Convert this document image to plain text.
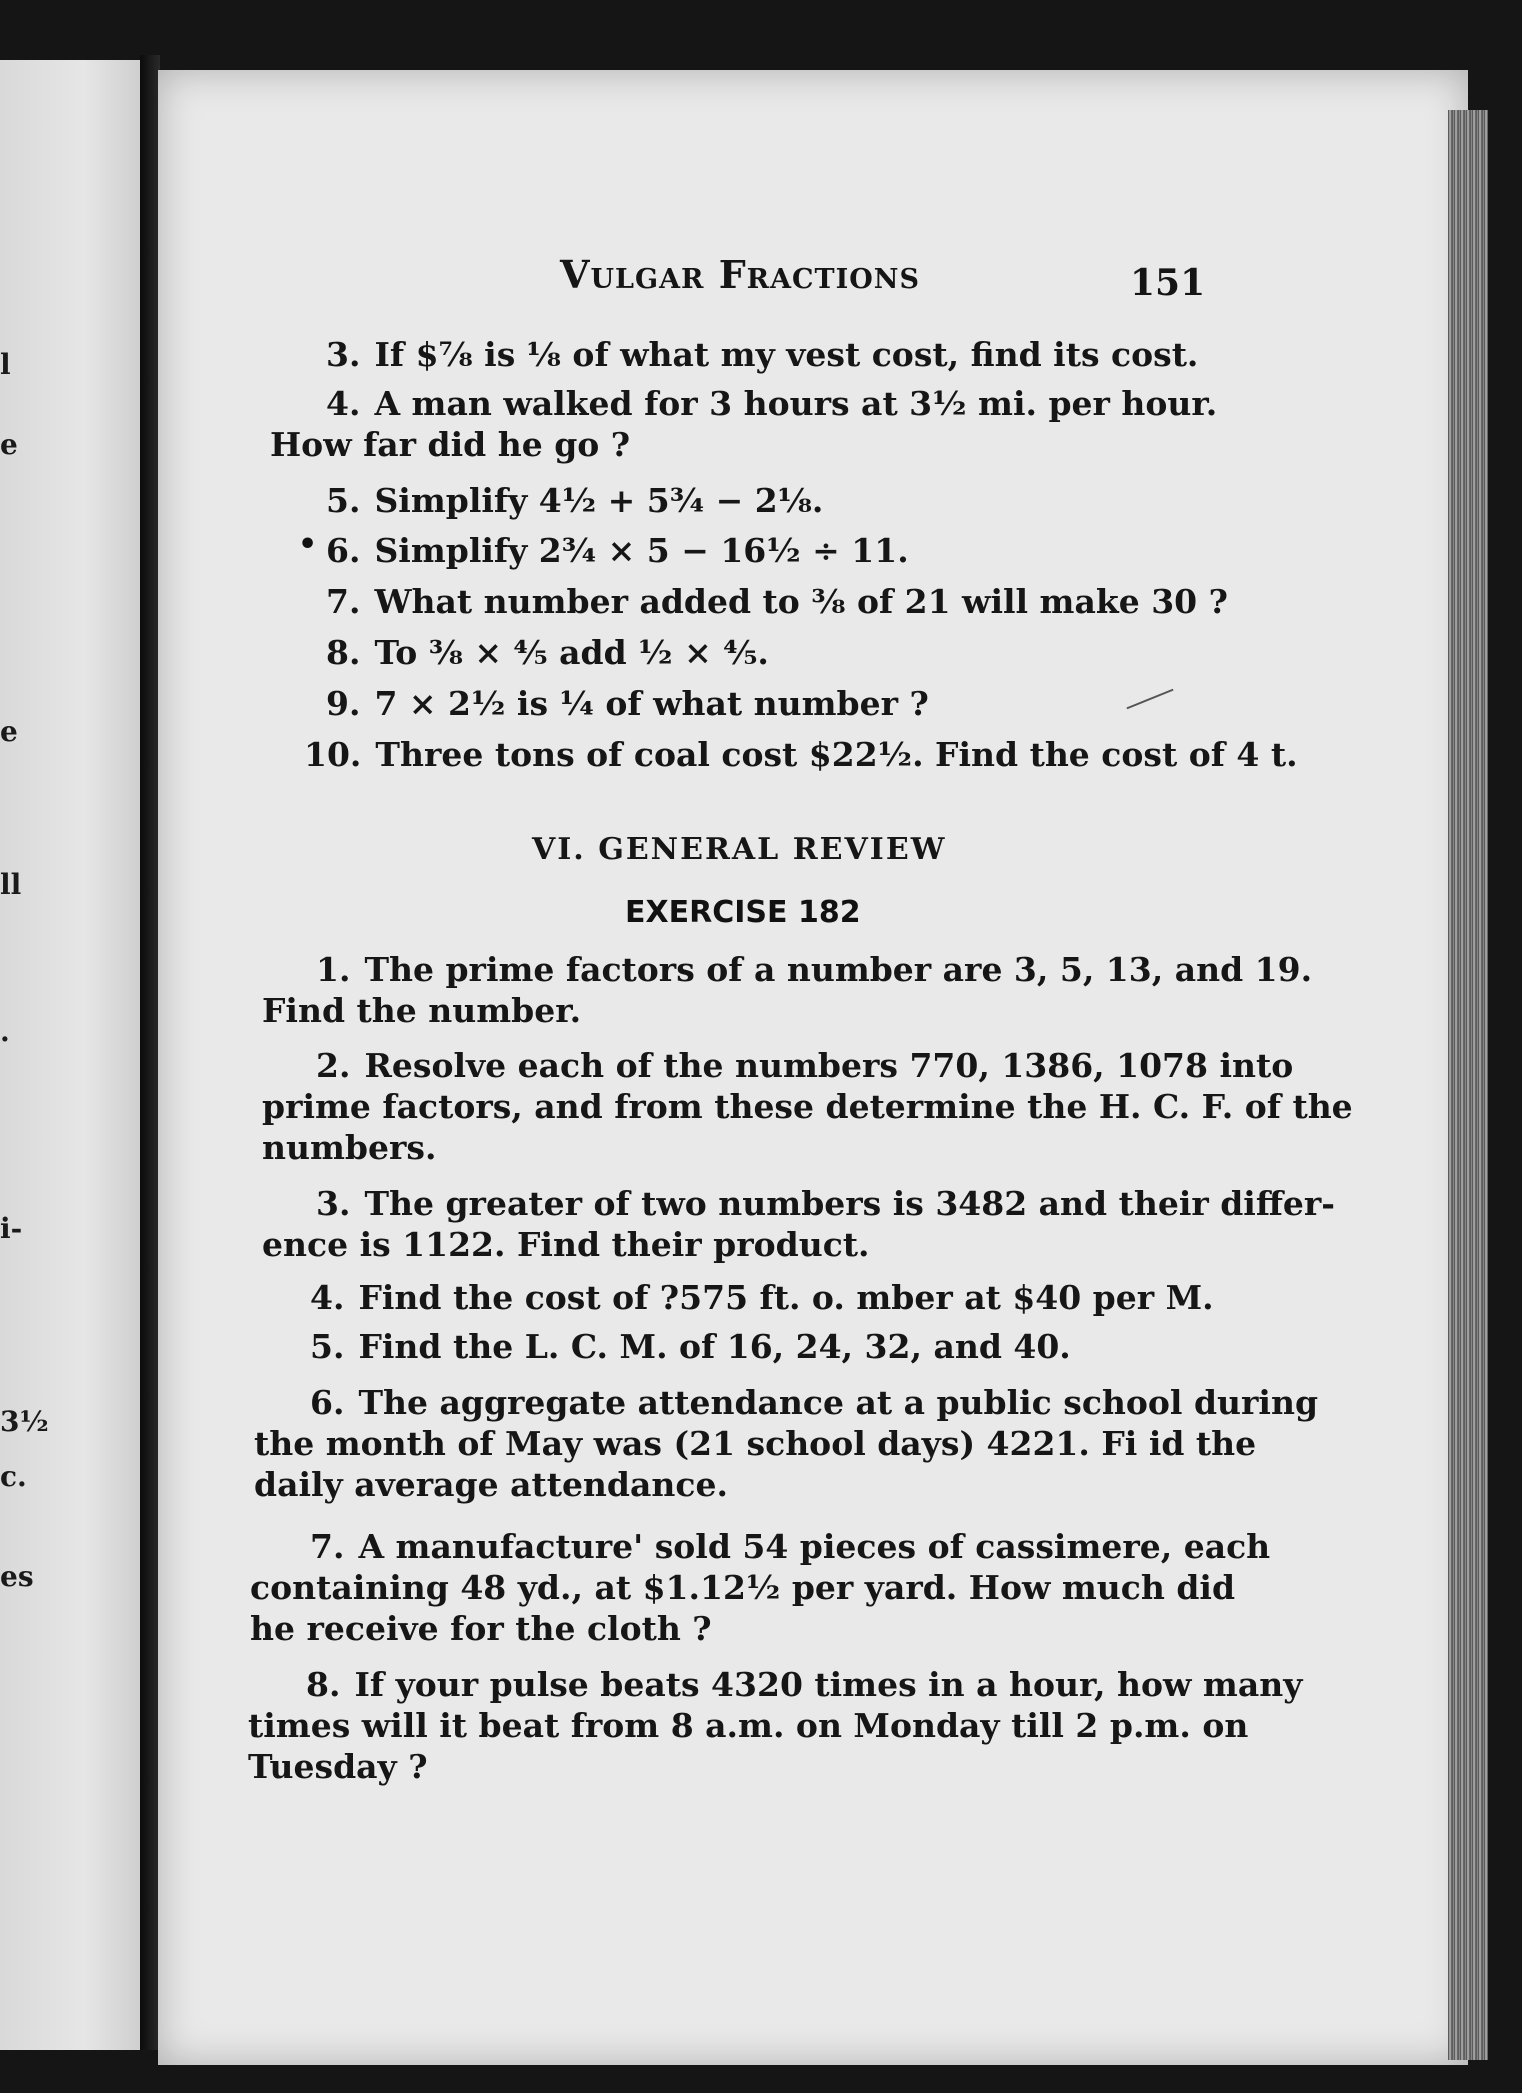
l
e
e
ll
.
i-
3½
c.
es
Vulgar Fractions	151
3. If $⅞ is ⅛ of what my vest cost, find its cost.
4. A man walked for 3 hours at 3½ mi. per hour.
How far did he go ?
5. Simplify 4½ + 5¾ − 2⅛.
• 6. Simplify 2¾ × 5 − 16½ ÷ 11.
7. What number added to ⅜ of 21 will make 30 ?
8. To ⅜ × ⅘ add ½ × ⅘.
9. 7 × 2½ is ¼ of what number ?
10. Three tons of coal cost $22½. Find the cost of 4 t.
VI. GENERAL REVIEW
EXERCISE 182
1. The prime factors of a number are 3, 5, 13, and 19.
Find the number.
2. Resolve each of the numbers 770, 1386, 1078 into
prime factors, and from these determine the H. C. F. of the
numbers.
3. The greater of two numbers is 3482 and their differ-
ence is 1122. Find their product.
4. Find the cost of ?575 ft. o. mber at $40 per M.
5. Find the L. C. M. of 16, 24, 32, and 40.
6. The aggregate attendance at a public school during
the month of May was (21 school days) 4221. Fi id the
daily average attendance.
7. A manufacture' sold 54 pieces of cassimere, each
containing 48 yd., at $1.12½ per yard. How much did
he receive for the cloth ?
8. If your pulse beats 4320 times in a hour, how many
times will it beat from 8 a.m. on Monday till 2 p.m. on
Tuesday ?
